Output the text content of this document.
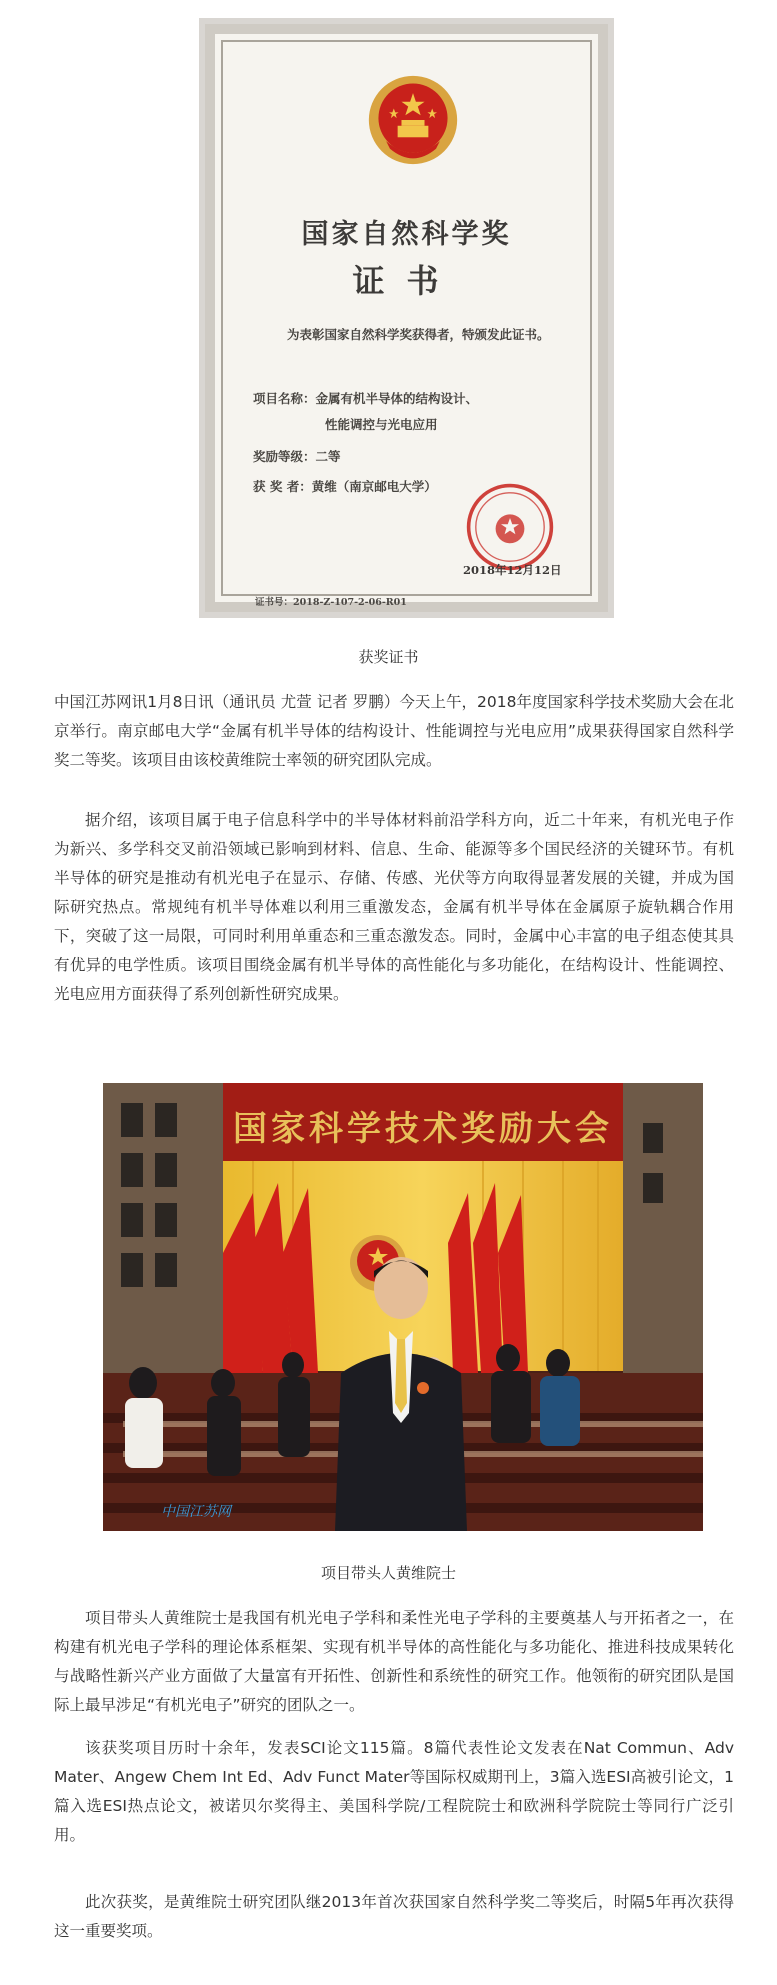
国家自然科学奖
证书
为表彰国家自然科学奖获得者，特颁发此证书。
项目名称：金属有机半导体的结构设计、
性能调控与光电应用
奖励等级：二等
获 奖 者：黄维（南京邮电大学）
2018年12月12日
证书号：2018-Z-107-2-06-R01
获奖证书

中国江苏网讯1月8日讯（通讯员 尤萱 记者 罗鹏）今天上午，2018年度国家科学技术奖励大会在北京举行。南京邮电大学“金属有机半导体的结构设计、性能调控与光电应用”成果获得国家自然科学奖二等奖。该项目由该校黄维院士率领的研究团队完成。

据介绍，该项目属于电子信息科学中的半导体材料前沿学科方向，近二十年来，有机光电子作为新兴、多学科交叉前沿领域已影响到材料、信息、生命、能源等多个国民经济的关键环节。有机半导体的研究是推动有机光电子在显示、存储、传感、光伏等方向取得显著发展的关键，并成为国际研究热点。常规纯有机半导体难以利用三重激发态，金属有机半导体在金属原子旋轨耦合作用下，突破了这一局限，可同时利用单重态和三重态激发态。同时，金属中心丰富的电子组态使其具有优异的电学性质。该项目围绕金属有机半导体的高性能化与多功能化，在结构设计、性能调控、光电应用方面获得了系列创新性研究成果。

国家科学技术奖励大会
中国江苏网
项目带头人黄维院士

项目带头人黄维院士是我国有机光电子学科和柔性光电子学科的主要奠基人与开拓者之一，在构建有机光电子学科的理论体系框架、实现有机半导体的高性能化与多功能化、推进科技成果转化与战略性新兴产业方面做了大量富有开拓性、创新性和系统性的研究工作。他领衔的研究团队是国际上最早涉足“有机光电子”研究的团队之一。

该获奖项目历时十余年，发表SCI论文115篇。8篇代表性论文发表在Nat Commun、Adv Mater、Angew Chem Int Ed、Adv Funct Mater等国际权威期刊上，3篇入选ESI高被引论文，1篇入选ESI热点论文，被诺贝尔奖得主、美国科学院/工程院院士和欧洲科学院院士等同行广泛引用。

此次获奖，是黄维院士研究团队继2013年首次获国家自然科学奖二等奖后，时隔5年再次获得这一重要奖项。
